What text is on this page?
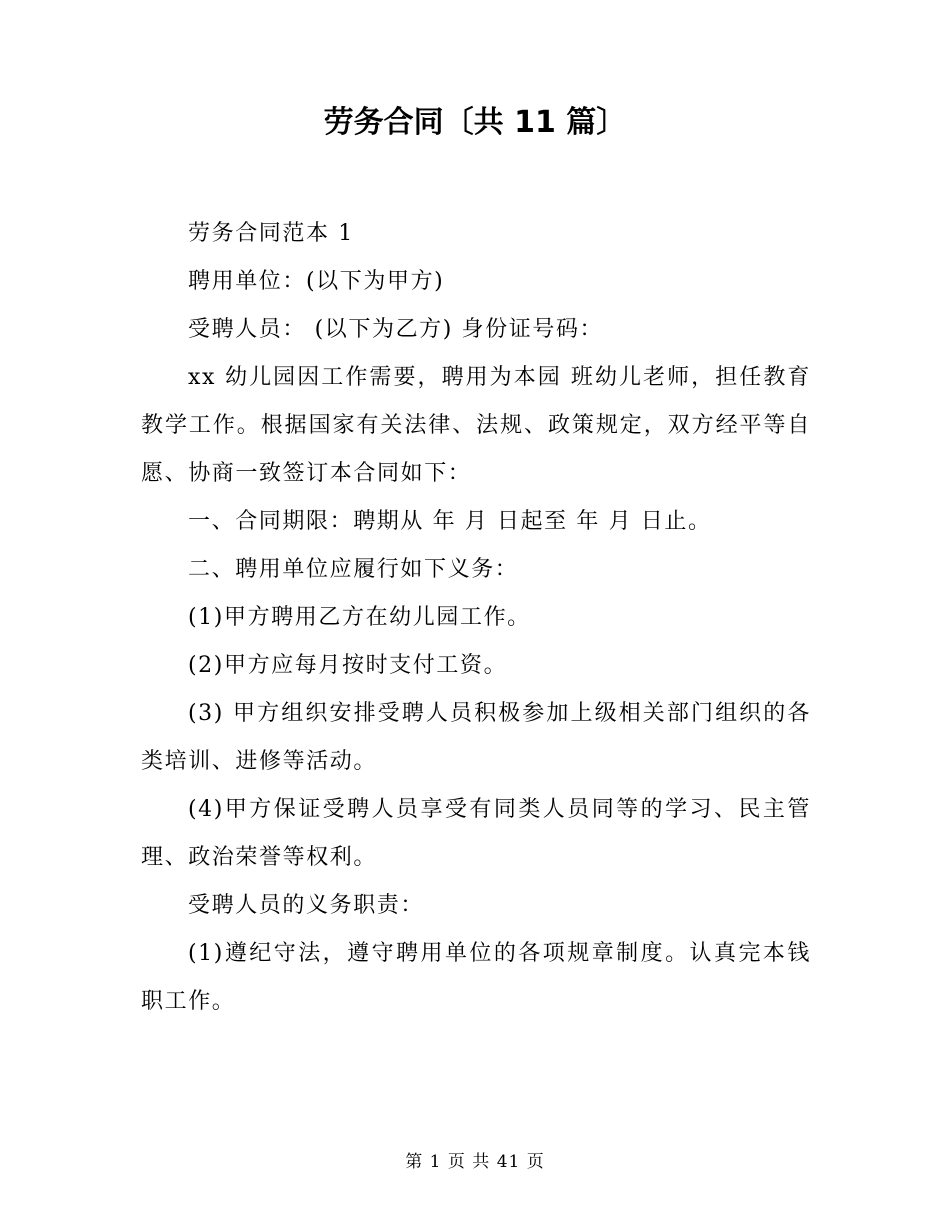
劳务合同〔共 11 篇〕

劳务合同范本 1

聘用单位：(以下为甲方)

受聘人员： (以下为乙方) 身份证号码：

xx 幼儿园因工作需要，聘用为本园 班幼儿老师，担任教育教学工作。根据国家有关法律、法规、政策规定，双方经平等自愿、协商一致签订本合同如下：

一、合同期限：聘期从 年 月 日起至 年 月 日止。

二、聘用单位应履行如下义务：

(1)甲方聘用乙方在幼儿园工作。

(2)甲方应每月按时支付工资。

(3) 甲方组织安排受聘人员积极参加上级相关部门组织的各类培训、进修等活动。

(4)甲方保证受聘人员享受有同类人员同等的学习、民主管理、政治荣誉等权利。

受聘人员的义务职责：

(1)遵纪守法，遵守聘用单位的各项规章制度。认真完本钱职工作。

第 1 页 共 41 页
